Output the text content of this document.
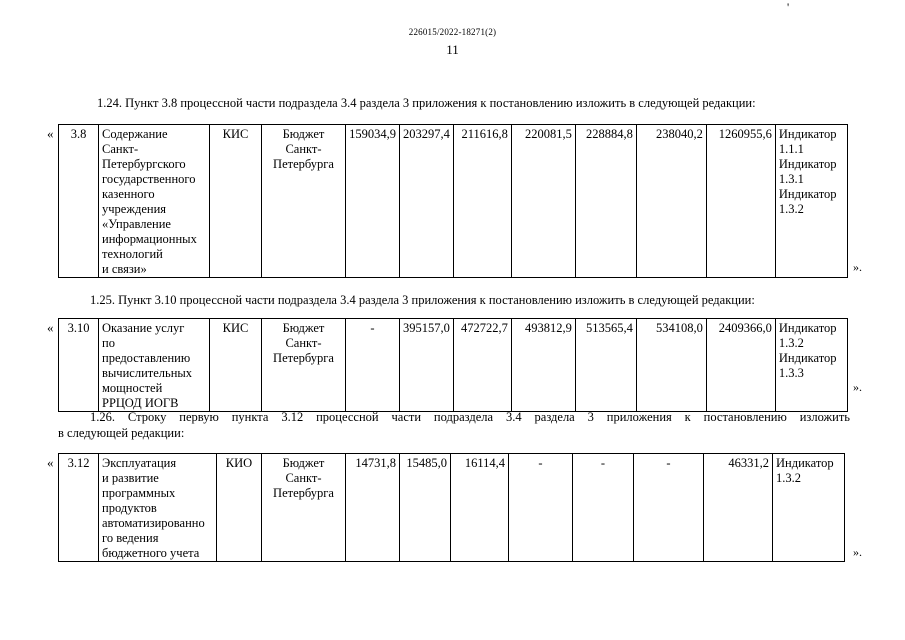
'
226015/2022-18271(2)
11
1.24. Пункт 3.8 процессной части подраздела 3.4 раздела 3 приложения к постановлению изложить в следующей редакции:
« 3.8	Содержание
Санкт-
Петербургского
государственного
казенного
учреждения
«Управление
информационных
технологий
и связи»	КИС	Бюджет
Санкт-
Петербурга	159034,9	203297,4	211616,8	220081,5	228884,8	238040,2	1260955,6	Индикатор
1.1.1
Индикатор
1.3.1
Индикатор
1.3.2
».
1.25. Пункт 3.10 процессной части подраздела 3.4 раздела 3 приложения к постановлению изложить в следующей редакции:
« 3.10	Оказание услуг
по предоставлению
вычислительных
мощностей
РРЦОД ИОГВ	КИС	Бюджет
Санкт-
Петербурга	-	395157,0	472722,7	493812,9	513565,4	534108,0	2409366,0	Индикатор
1.3.2
Индикатор
1.3.3
».
1.26. Строку первую пункта 3.12 процессной части подраздела 3.4 раздела 3 приложения к постановлению изложить
в следующей редакции:
« 3.12	Эксплуатация
и развитие
программных
продуктов
автоматизированно
го ведения
бюджетного учета	КИО	Бюджет
Санкт-
Петербурга	14731,8	15485,0	16114,4	-	-	-	46331,2	Индикатор
1.3.2
».
